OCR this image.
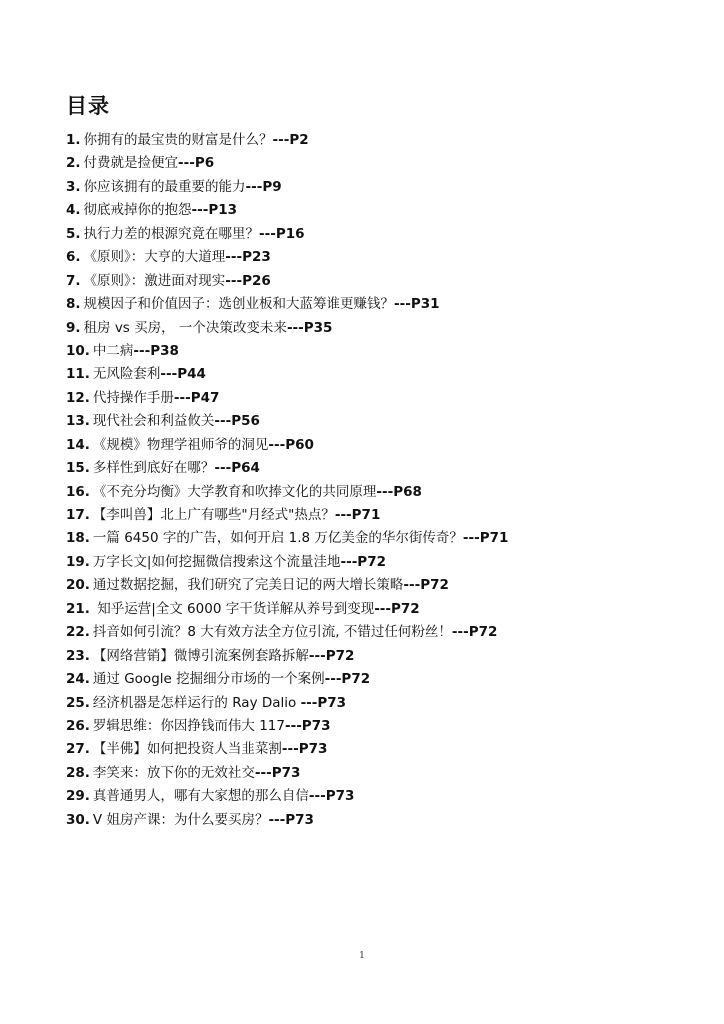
目录
1. 你拥有的最宝贵的财富是什么？---P2
2. 付费就是捡便宜---P6
3. 你应该拥有的最重要的能力---P9
4. 彻底戒掉你的抱怨---P13
5. 执行力差的根源究竟在哪里？---P16
6. 《原则》：大亨的大道理---P23
7. 《原则》：激进面对现实---P26
8. 规模因子和价值因子：选创业板和大蓝筹谁更赚钱？---P31
9. 租房 vs 买房， 一个决策改变未来---P35
10. 中二病---P38
11. 无风险套利---P44
12. 代持操作手册---P47
13. 现代社会和利益攸关---P56
14. 《规模》物理学祖师爷的洞见---P60
15. 多样性到底好在哪？---P64
16. 《不充分均衡》大学教育和吹捧文化的共同原理---P68
17. 【李叫兽】北上广有哪些"月经式"热点？---P71
18. 一篇 6450 字的广告，如何开启 1.8 万亿美金的华尔街传奇？---P71
19. 万字长文|如何挖掘微信搜索这个流量洼地---P72
20. 通过数据挖掘，我们研究了完美日记的两大增长策略---P72
21. 知乎运营|全文 6000 字干货详解从养号到变现---P72
22. 抖音如何引流？8 大有效方法全方位引流, 不错过任何粉丝！---P72
23. 【网络营销】微博引流案例套路拆解---P72
24. 通过 Google 挖掘细分市场的一个案例---P72
25. 经济机器是怎样运行的 Ray Dalio ---P73
26. 罗辑思维：你因挣钱而伟大 117---P73
27. 【半佛】如何把投资人当韭菜割---P73
28. 李笑来：放下你的无效社交---P73
29. 真普通男人，哪有大家想的那么自信---P73
30. V 姐房产课：为什么要买房？---P73
1
